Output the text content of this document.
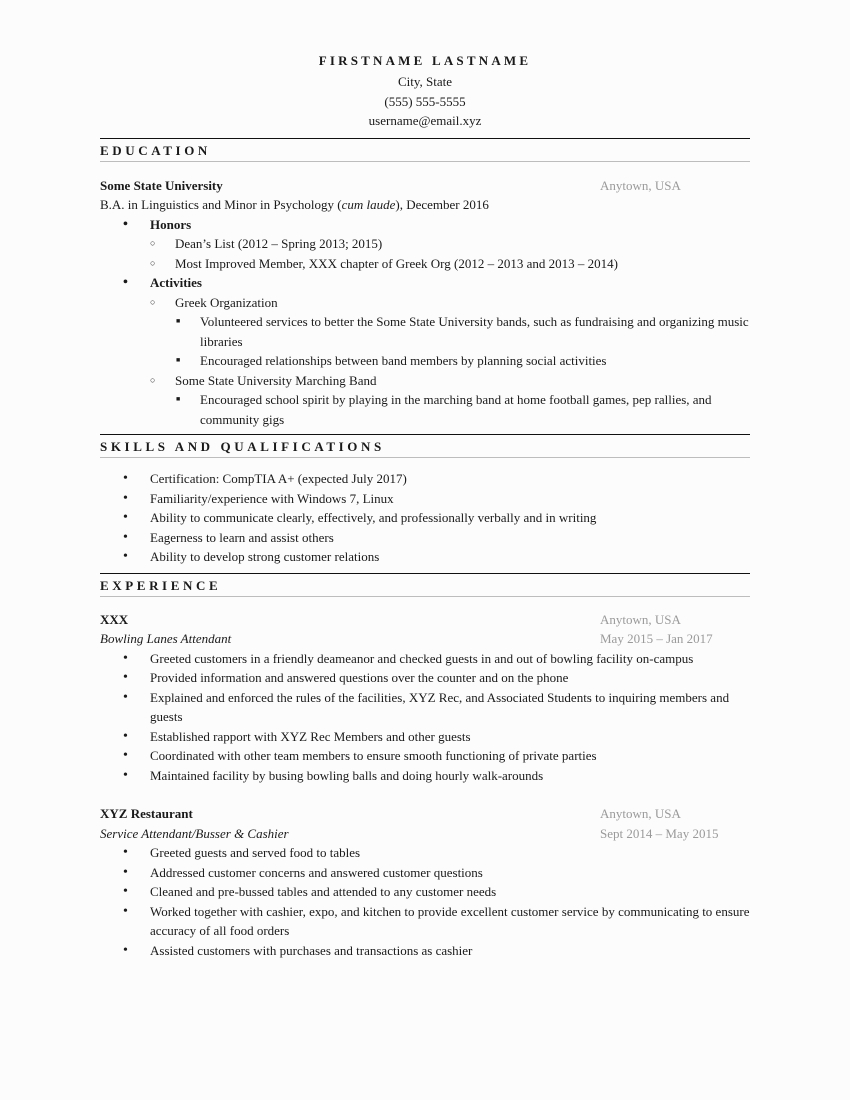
FIRSTNAME LASTNAME
City, State
(555) 555-5555
username@email.xyz
EDUCATION
Some State University	Anytown, USA
B.A. in Linguistics and Minor in Psychology (cum laude), December 2016
• Honors
○ Dean’s List (2012 – Spring 2013; 2015)
○ Most Improved Member, XXX chapter of Greek Org (2012 – 2013 and 2013 – 2014)
• Activities
○ Greek Organization
■ Volunteered services to better the Some State University bands, such as fundraising and organizing music libraries
■ Encouraged relationships between band members by planning social activities
○ Some State University Marching Band
■ Encouraged school spirit by playing in the marching band at home football games, pep rallies, and community gigs
SKILLS AND QUALIFICATIONS
• Certification: CompTIA A+ (expected July 2017)
• Familiarity/experience with Windows 7, Linux
• Ability to communicate clearly, effectively, and professionally verbally and in writing
• Eagerness to learn and assist others
• Ability to develop strong customer relations
EXPERIENCE
XXX	Anytown, USA
Bowling Lanes Attendant	May 2015 – Jan 2017
• Greeted customers in a friendly deameanor and checked guests in and out of bowling facility on-campus
• Provided information and answered questions over the counter and on the phone
• Explained and enforced the rules of the facilities, XYZ Rec, and Associated Students to inquiring members and guests
• Established rapport with XYZ Rec Members and other guests
• Coordinated with other team members to ensure smooth functioning of private parties
• Maintained facility by busing bowling balls and doing hourly walk-arounds
XYZ Restaurant	Anytown, USA
Service Attendant/Busser & Cashier	Sept 2014 – May 2015
• Greeted guests and served food to tables
• Addressed customer concerns and answered customer questions
• Cleaned and pre-bussed tables and attended to any customer needs
• Worked together with cashier, expo, and kitchen to provide excellent customer service by communicating to ensure accuracy of all food orders
• Assisted customers with purchases and transactions as cashier
